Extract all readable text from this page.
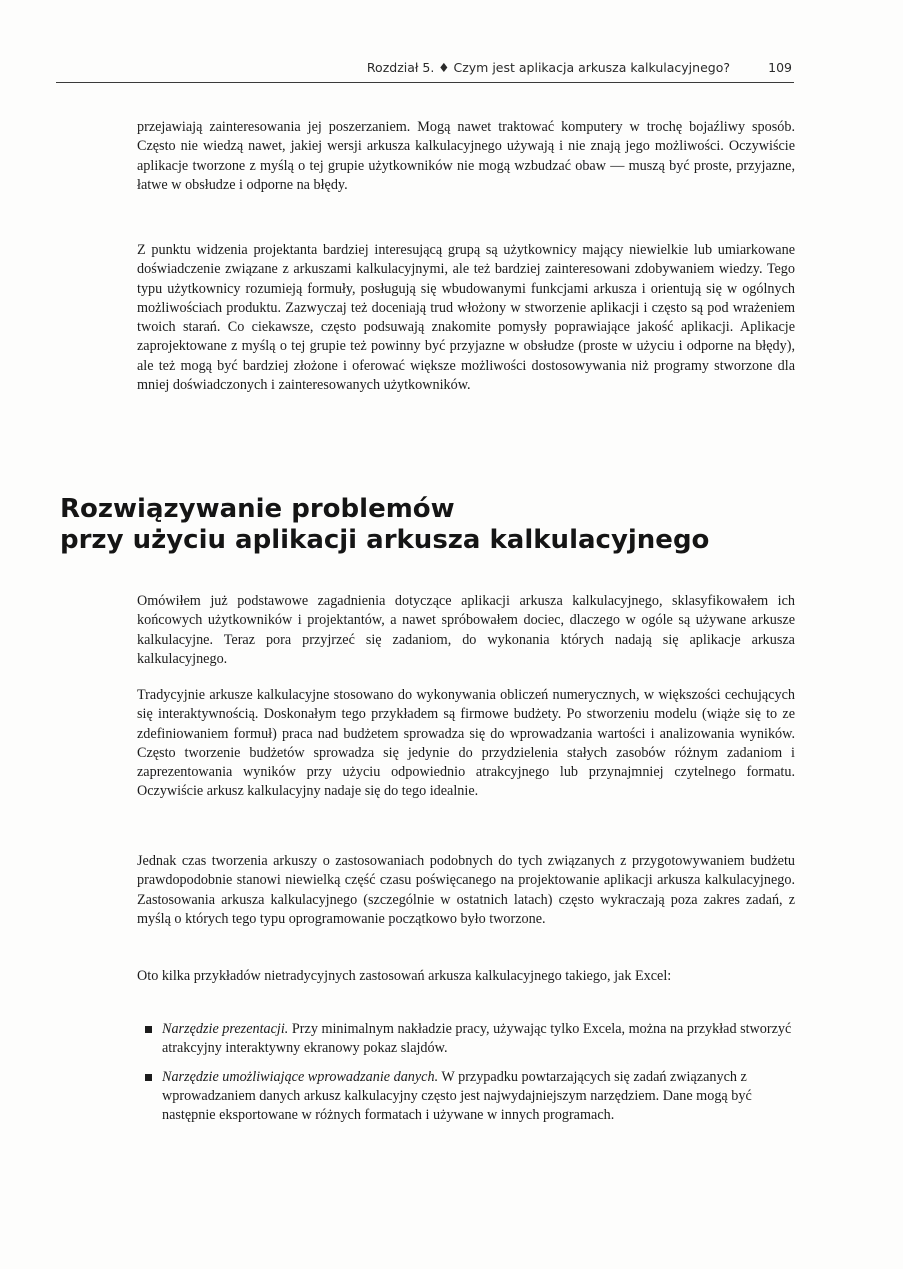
Rozdział 5. ♦ Czym jest aplikacja arkusza kalkulacyjnego?	109

przejawiają zainteresowania jej poszerzaniem. Mogą nawet traktować komputery w trochę bojaźliwy sposób. Często nie wiedzą nawet, jakiej wersji arkusza kalkulacyjnego używają i nie znają jego możliwości. Oczywiście aplikacje tworzone z myślą o tej grupie użytkowników nie mogą wzbudzać obaw — muszą być proste, przyjazne, łatwe w obsłudze i odporne na błędy.

Z punktu widzenia projektanta bardziej interesującą grupą są użytkownicy mający niewielkie lub umiarkowane doświadczenie związane z arkuszami kalkulacyjnymi, ale też bardziej zainteresowani zdobywaniem wiedzy. Tego typu użytkownicy rozumieją formuły, posługują się wbudowanymi funkcjami arkusza i orientują się w ogólnych możliwościach produktu. Zazwyczaj też doceniają trud włożony w stworzenie aplikacji i często są pod wrażeniem twoich starań. Co ciekawsze, często podsuwają znakomite pomysły poprawiające jakość aplikacji. Aplikacje zaprojektowane z myślą o tej grupie też powinny być przyjazne w obsłudze (proste w użyciu i odporne na błędy), ale też mogą być bardziej złożone i oferować większe możliwości dostosowywania niż programy stworzone dla mniej doświadczonych i zainteresowanych użytkowników.

Rozwiązywanie problemów
przy użyciu aplikacji arkusza kalkulacyjnego

Omówiłem już podstawowe zagadnienia dotyczące aplikacji arkusza kalkulacyjnego, sklasyfikowałem ich końcowych użytkowników i projektantów, a nawet spróbowałem dociec, dlaczego w ogóle są używane arkusze kalkulacyjne. Teraz pora przyjrzeć się zadaniom, do wykonania których nadają się aplikacje arkusza kalkulacyjnego.

Tradycyjnie arkusze kalkulacyjne stosowano do wykonywania obliczeń numerycznych, w większości cechujących się interaktywnością. Doskonałym tego przykładem są firmowe budżety. Po stworzeniu modelu (wiąże się to ze zdefiniowaniem formuł) praca nad budżetem sprowadza się do wprowadzania wartości i analizowania wyników. Często tworzenie budżetów sprowadza się jedynie do przydzielenia stałych zasobów różnym zadaniom i zaprezentowania wyników przy użyciu odpowiednio atrakcyjnego lub przynajmniej czytelnego formatu. Oczywiście arkusz kalkulacyjny nadaje się do tego idealnie.

Jednak czas tworzenia arkuszy o zastosowaniach podobnych do tych związanych z przygotowywaniem budżetu prawdopodobnie stanowi niewielką część czasu poświęcanego na projektowanie aplikacji arkusza kalkulacyjnego. Zastosowania arkusza kalkulacyjnego (szczególnie w ostatnich latach) często wykraczają poza zakres zadań, z myślą o których tego typu oprogramowanie początkowo było tworzone.

Oto kilka przykładów nietradycyjnych zastosowań arkusza kalkulacyjnego takiego, jak Excel:

Narzędzie prezentacji. Przy minimalnym nakładzie pracy, używając tylko Excela, można na przykład stworzyć atrakcyjny interaktywny ekranowy pokaz slajdów.
Narzędzie umożliwiające wprowadzanie danych. W przypadku powtarzających się zadań związanych z wprowadzaniem danych arkusz kalkulacyjny często jest najwydajniejszym narzędziem. Dane mogą być następnie eksportowane w różnych formatach i używane w innych programach.
